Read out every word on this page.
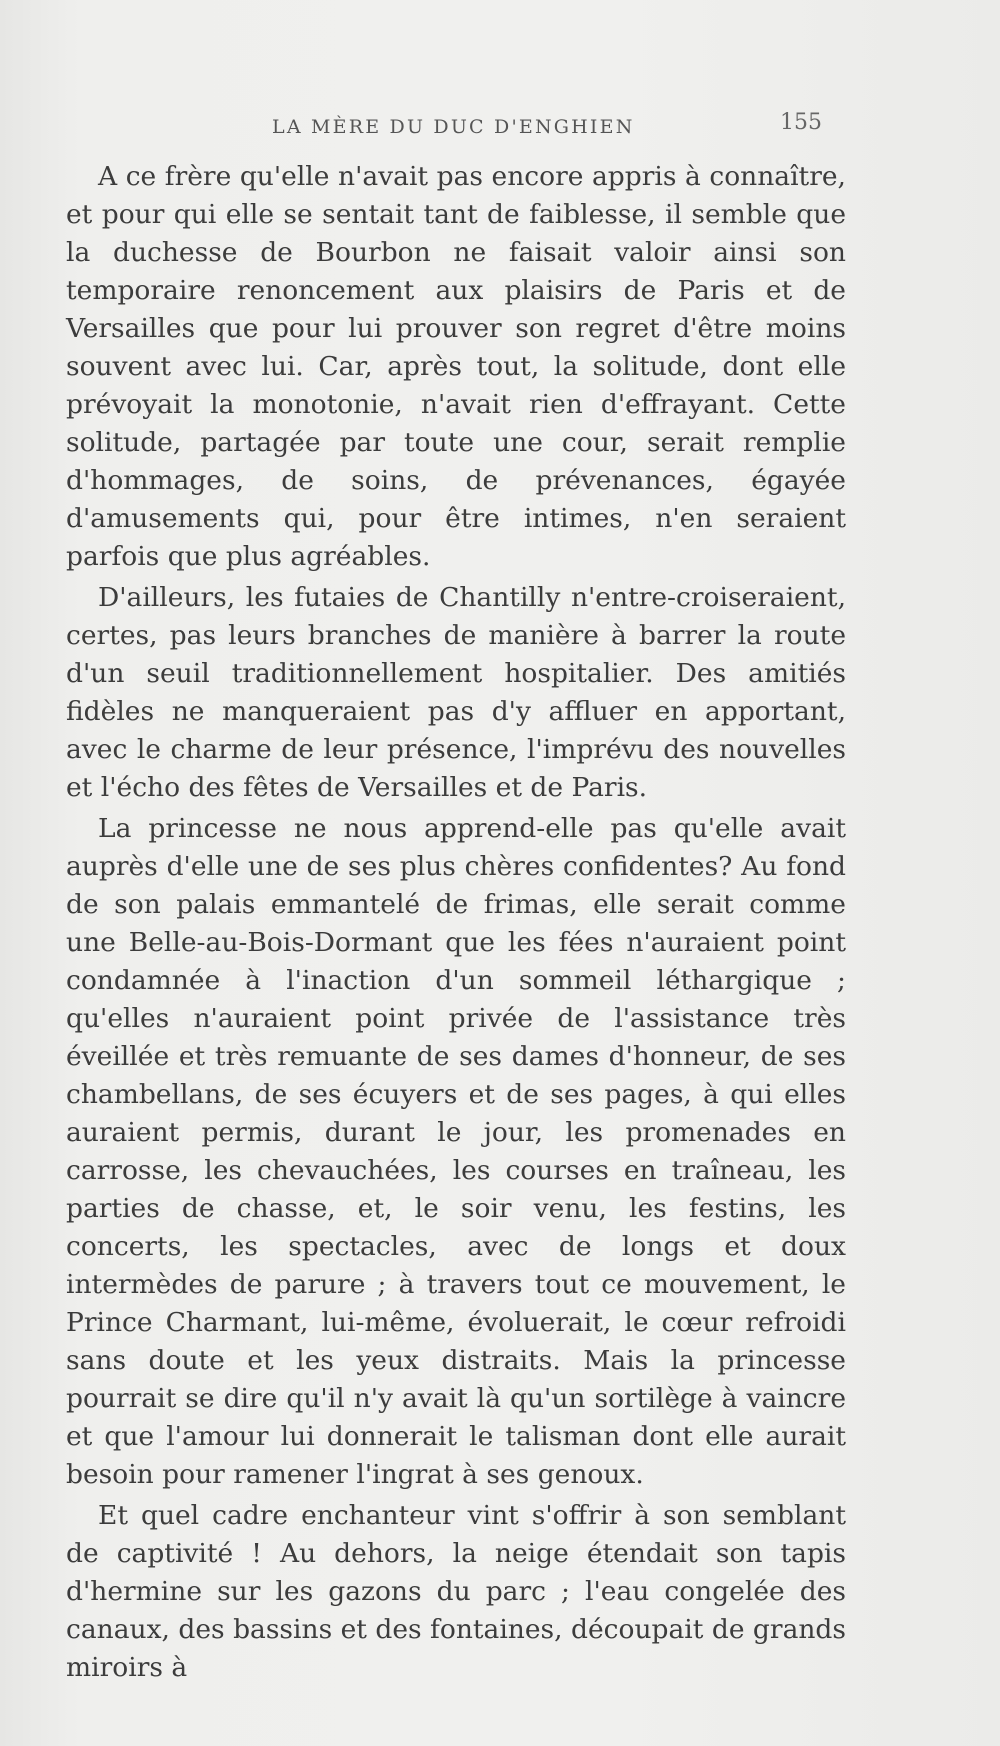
LA MÈRE DU DUC D'ENGHIEN	155

A ce frère qu'elle n'avait pas encore appris à connaître, et pour qui elle se sentait tant de faiblesse, il semble que la duchesse de Bourbon ne faisait valoir ainsi son temporaire renoncement aux plaisirs de Paris et de Versailles que pour lui prouver son regret d'être moins souvent avec lui. Car, après tout, la solitude, dont elle prévoyait la monotonie, n'avait rien d'effrayant. Cette solitude, partagée par toute une cour, serait remplie d'hommages, de soins, de prévenances, égayée d'amusements qui, pour être intimes, n'en seraient parfois que plus agréables.

D'ailleurs, les futaies de Chantilly n'entre-croiseraient, certes, pas leurs branches de manière à barrer la route d'un seuil traditionnellement hospitalier. Des amitiés fidèles ne manqueraient pas d'y affluer en apportant, avec le charme de leur présence, l'imprévu des nouvelles et l'écho des fêtes de Versailles et de Paris.

La princesse ne nous apprend-elle pas qu'elle avait auprès d'elle une de ses plus chères confidentes? Au fond de son palais emmantelé de frimas, elle serait comme une Belle-au-Bois-Dormant que les fées n'auraient point condamnée à l'inaction d'un sommeil léthargique ; qu'elles n'auraient point privée de l'assistance très éveillée et très remuante de ses dames d'honneur, de ses chambellans, de ses écuyers et de ses pages, à qui elles auraient permis, durant le jour, les promenades en carrosse, les chevauchées, les courses en traîneau, les parties de chasse, et, le soir venu, les festins, les concerts, les spectacles, avec de longs et doux intermèdes de parure ; à travers tout ce mouvement, le Prince Charmant, lui-même, évoluerait, le cœur refroidi sans doute et les yeux distraits. Mais la princesse pourrait se dire qu'il n'y avait là qu'un sortilège à vaincre et que l'amour lui donnerait le talisman dont elle aurait besoin pour ramener l'ingrat à ses genoux.

Et quel cadre enchanteur vint s'offrir à son semblant de captivité ! Au dehors, la neige étendait son tapis d'hermine sur les gazons du parc ; l'eau congelée des canaux, des bassins et des fontaines, découpait de grands miroirs à
